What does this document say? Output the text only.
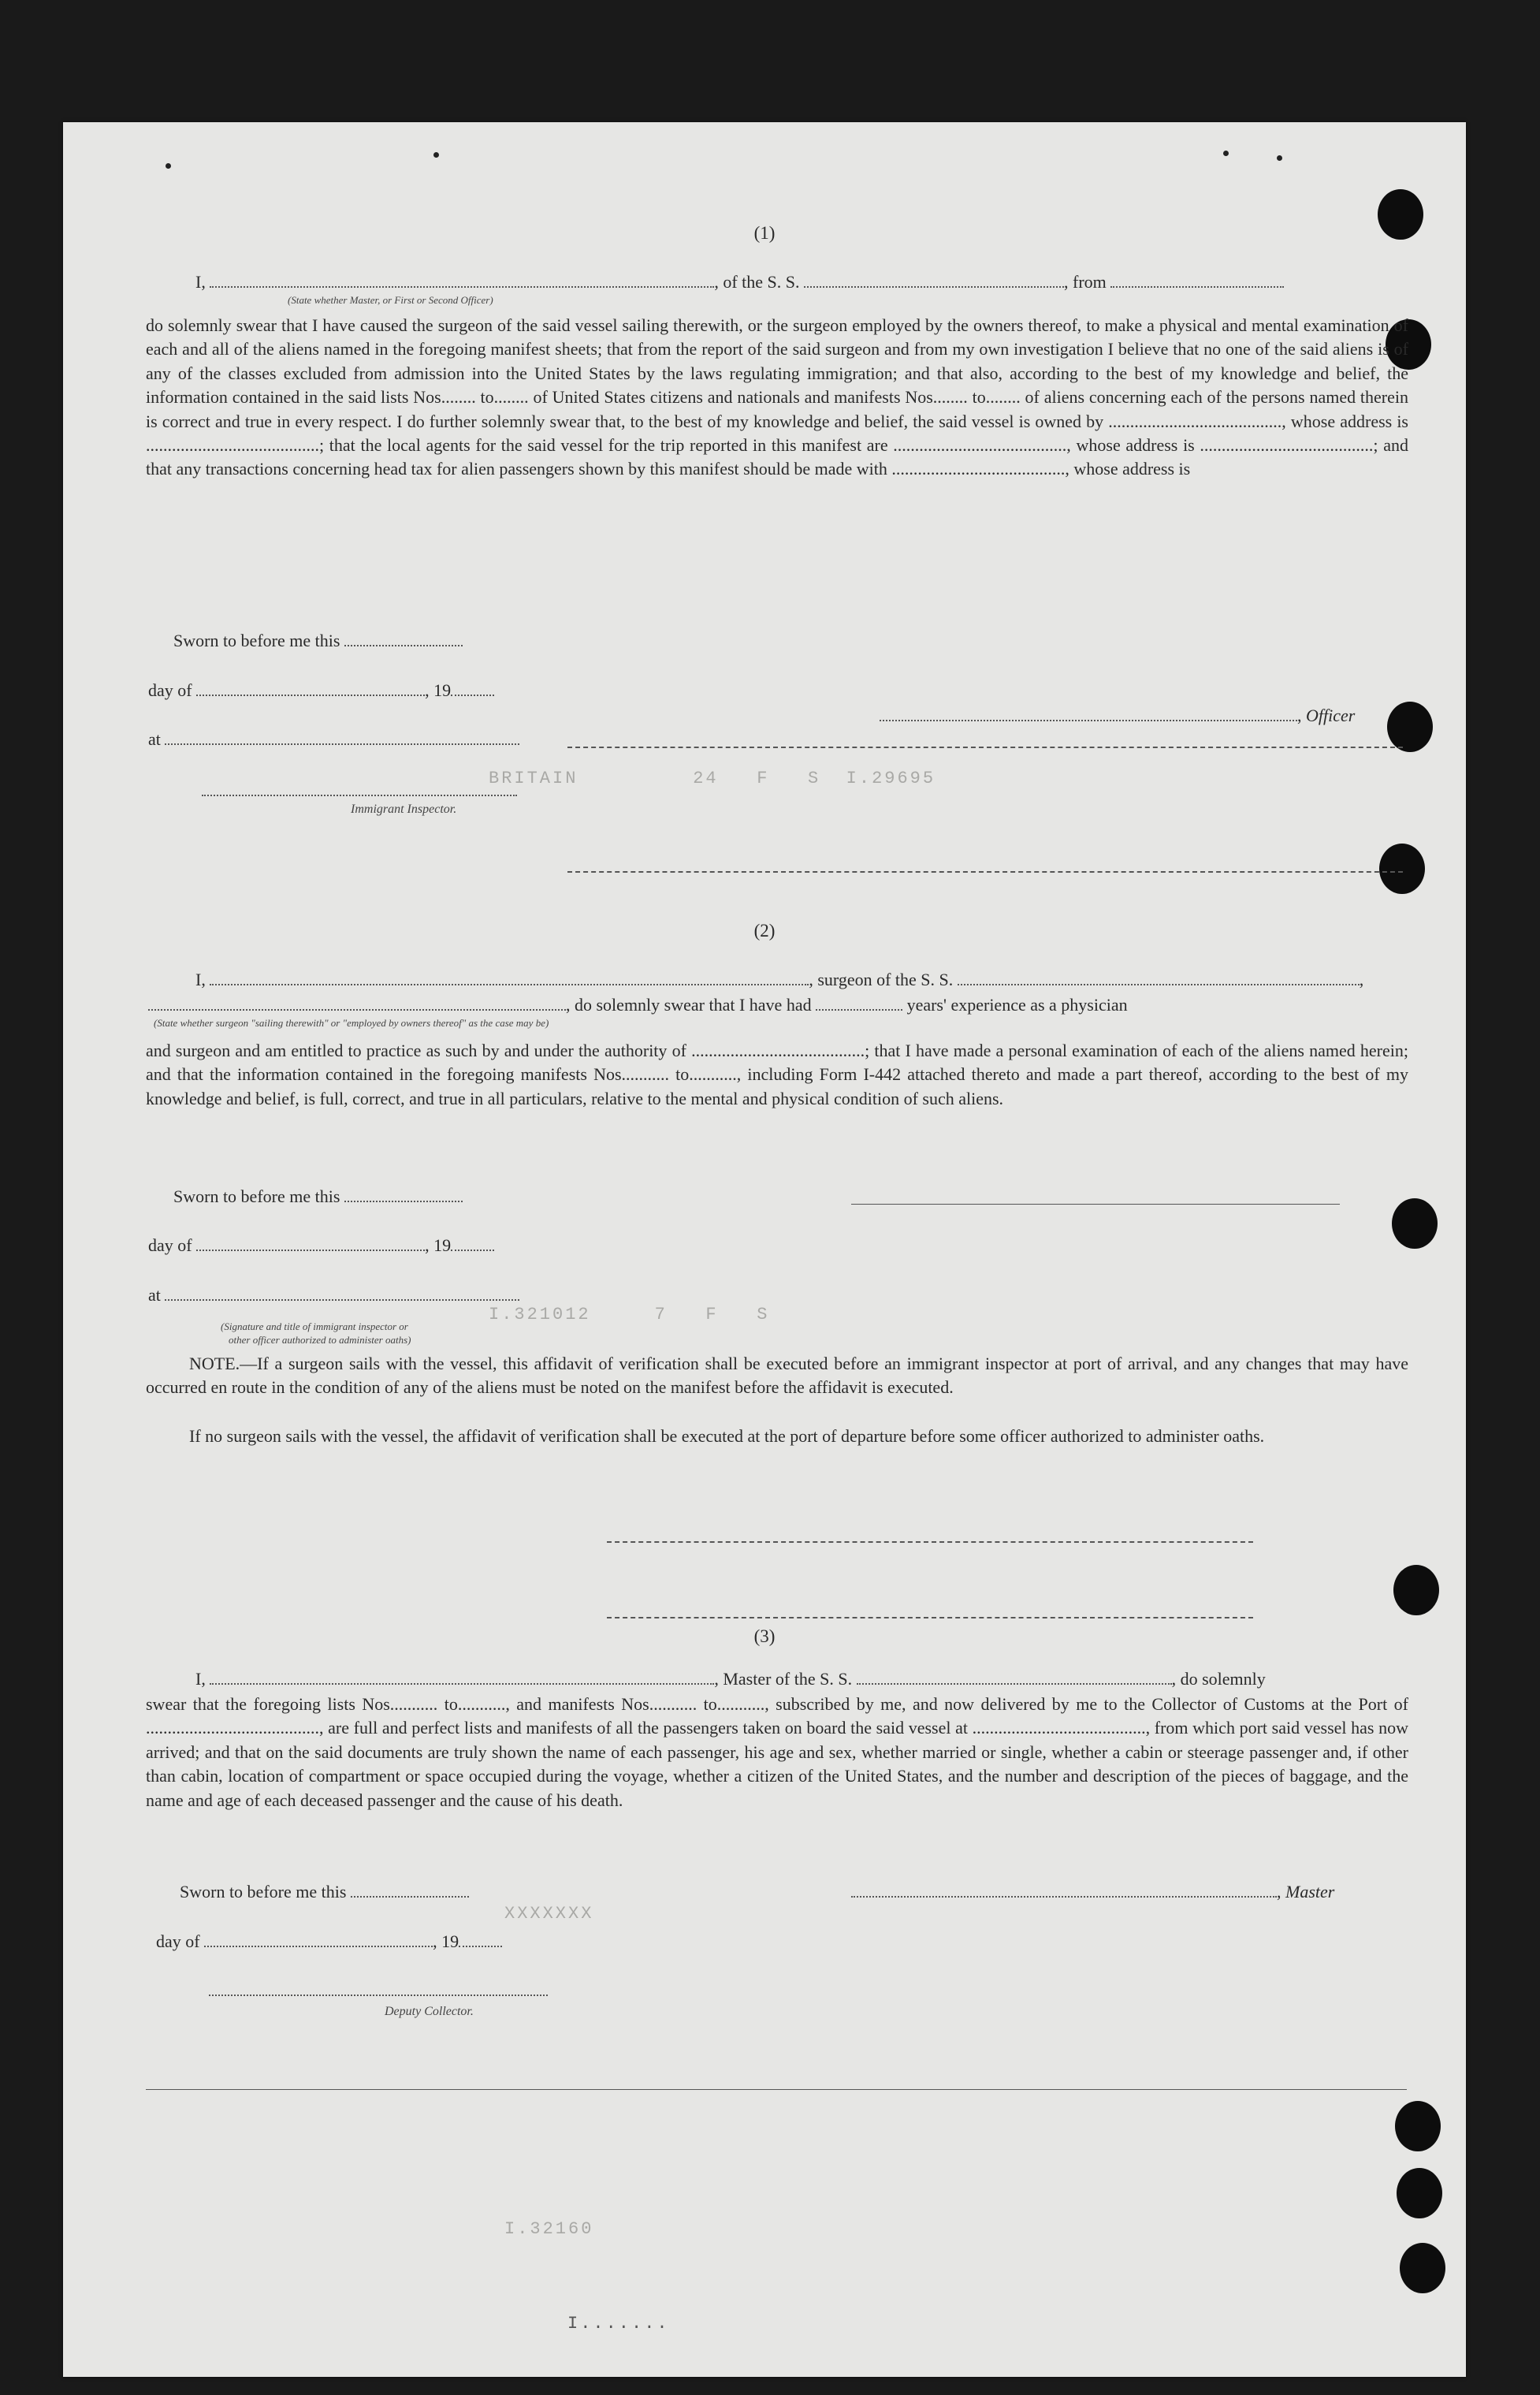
BRITAIN         24   F   S  I.29695
I.321012     7   F   S
XXXXXXX
I.32160
(1)
I,	, of the S. S.	, from
(State whether Master, or First or Second Officer)
do solemnly swear that I have caused the surgeon of the said vessel sailing therewith, or the surgeon employed by the owners thereof, to make a physical and mental examination of each and all of the aliens named in the foregoing manifest sheets; that from the report of the said surgeon and from my own investigation I believe that no one of the said aliens is of any of the classes excluded from admission into the United States by the laws regulating immigration; and that also, according to the best of my knowledge and belief, the information contained in the said lists Nos........ to........ of United States citizens and nationals and manifests Nos........ to........ of aliens concerning each of the persons named therein is correct and true in every respect. I do further solemnly swear that, to the best of my knowledge and belief, the said vessel is owned by ........................................, whose address is ........................................; that the local agents for the said vessel for the trip reported in this manifest are ........................................, whose address is ........................................; and that any transactions concerning head tax for alien passengers shown by this manifest should be made with ........................................, whose address is
Sworn to before me this
day of	, 19
at
, Officer
Immigrant Inspector.
(2)
I,	, surgeon of the S. S.	,
, do solemnly swear that I have had	years' experience as a physician
(State whether surgeon "sailing therewith" or "employed by owners thereof" as the case may be)
and surgeon and am entitled to practice as such by and under the authority of ........................................; that I have made a personal examination of each of the aliens named herein; and that the information contained in the foregoing manifests Nos........... to..........., including Form I-442 attached thereto and made a part thereof, according to the best of my knowledge and belief, is full, correct, and true in all particulars, relative to the mental and physical condition of such aliens.
Sworn to before me this
day of	, 19
at
(Signature and title of immigrant inspector or
other officer authorized to administer oaths)
NOTE.—If a surgeon sails with the vessel, this affidavit of verification shall be executed before an immigrant inspector at port of arrival, and any changes that may have occurred en route in the condition of any of the aliens must be noted on the manifest before the affidavit is executed.
If no surgeon sails with the vessel, the affidavit of verification shall be executed at the port of departure before some officer authorized to administer oaths.
(3)
I,	, Master of the S. S.	, do solemnly
swear that the foregoing lists Nos........... to..........., and manifests Nos........... to..........., subscribed by me, and now delivered by me to the Collector of Customs at the Port of ........................................, are full and perfect lists and manifests of all the passengers taken on board the said vessel at ........................................, from which port said vessel has now arrived; and that on the said documents are truly shown the name of each passenger, his age and sex, whether married or single, whether a cabin or steerage passenger and, if other than cabin, location of compartment or space occupied during the voyage, whether a citizen of the United States, and the number and description of the pieces of baggage, and the name and age of each deceased passenger and the cause of his death.
Sworn to before me this	, Master
day of	, 19
Deputy Collector.
I.......
